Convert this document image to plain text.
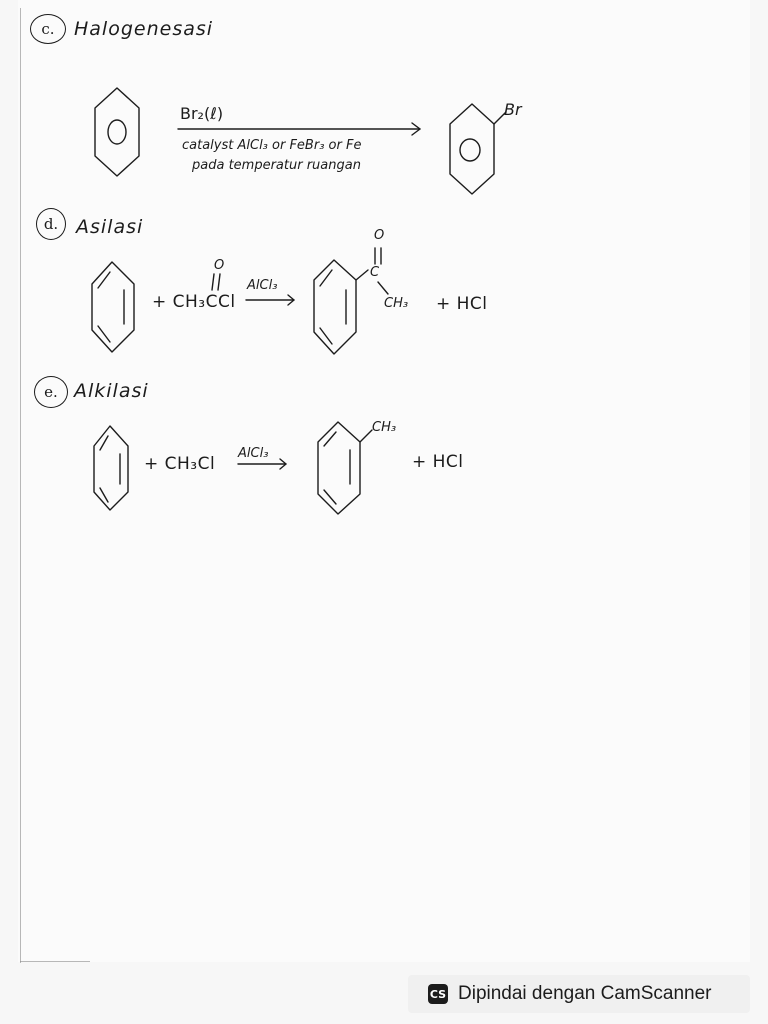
c. Halogenesasi
Br₂(ℓ)
catalyst AlCl₃ or FeBr₃ or Fe
pada temperatur ruangan
Br
d. Asilasi
+ CH₃CCl
O
AlCl₃
O
C
CH₃ + HCl
e. Alkilasi
+ CH₃Cl
AlCl₃
CH₃
+ HCl
CS Dipindai dengan CamScanner
